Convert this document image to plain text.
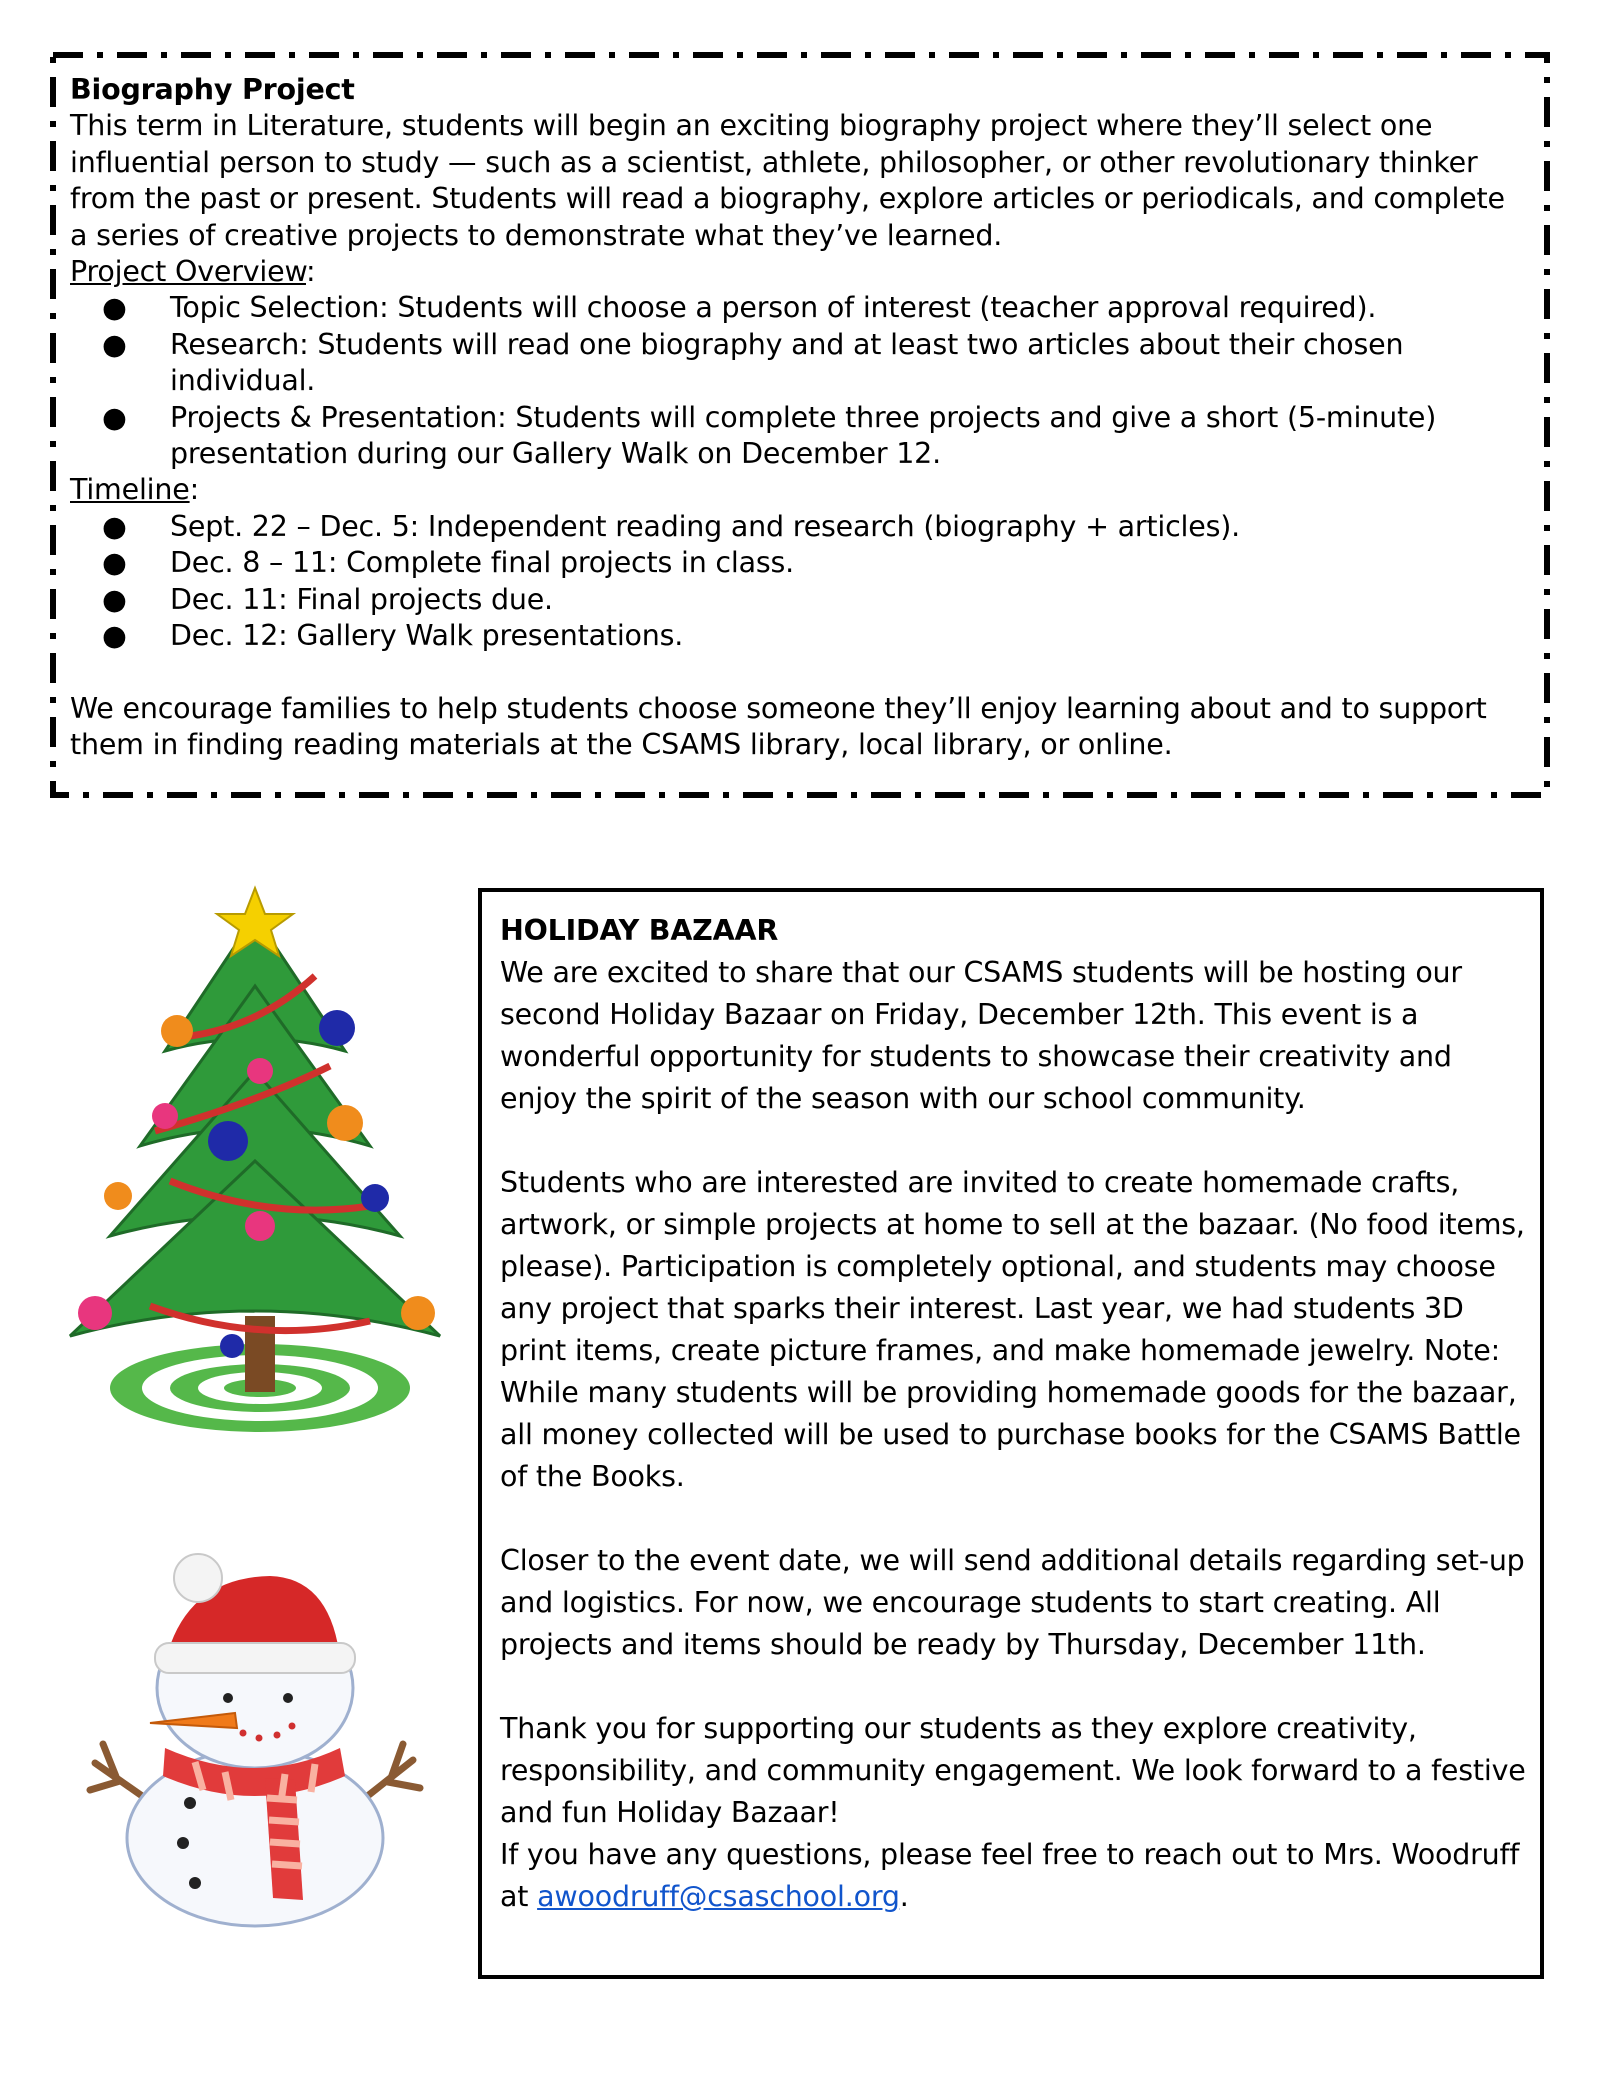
Biography Project

This term in Literature, students will begin an exciting biography project where they’ll select one influential person to study — such as a scientist, athlete, philosopher, or other revolutionary thinker from the past or present. Students will read a biography, explore articles or periodicals, and complete a series of creative projects to demonstrate what they’ve learned.

Project Overview:

● Topic Selection: Students will choose a person of interest (teacher approval required).
● Research: Students will read one biography and at least two articles about their chosen individual.
● Projects & Presentation: Students will complete three projects and give a short (5-minute) presentation during our Gallery Walk on December 12.

Timeline:

● Sept. 22 – Dec. 5: Independent reading and research (biography + articles).
● Dec. 8 – 11: Complete final projects in class.
● Dec. 11: Final projects due.
● Dec. 12: Gallery Walk presentations.

We encourage families to help students choose someone they’ll enjoy learning about and to support them in finding reading materials at the CSAMS library, local library, or online.

HOLIDAY BAZAAR

We are excited to share that our CSAMS students will be hosting our second Holiday Bazaar on Friday, December 12th. This event is a wonderful opportunity for students to showcase their creativity and enjoy the spirit of the season with our school community.

Students who are interested are invited to create homemade crafts, artwork, or simple projects at home to sell at the bazaar. (No food items, please). Participation is completely optional, and students may choose any project that sparks their interest. Last year, we had students 3D print items, create picture frames, and make homemade jewelry. Note: While many students will be providing homemade goods for the bazaar, all money collected will be used to purchase books for the CSAMS Battle of the Books.

Closer to the event date, we will send additional details regarding set-up and logistics. For now, we encourage students to start creating. All projects and items should be ready by Thursday, December 11th.

Thank you for supporting our students as they explore creativity, responsibility, and community engagement. We look forward to a festive and fun Holiday Bazaar!

If you have any questions, please feel free to reach out to Mrs. Woodruff at awoodruff@csaschool.org.
